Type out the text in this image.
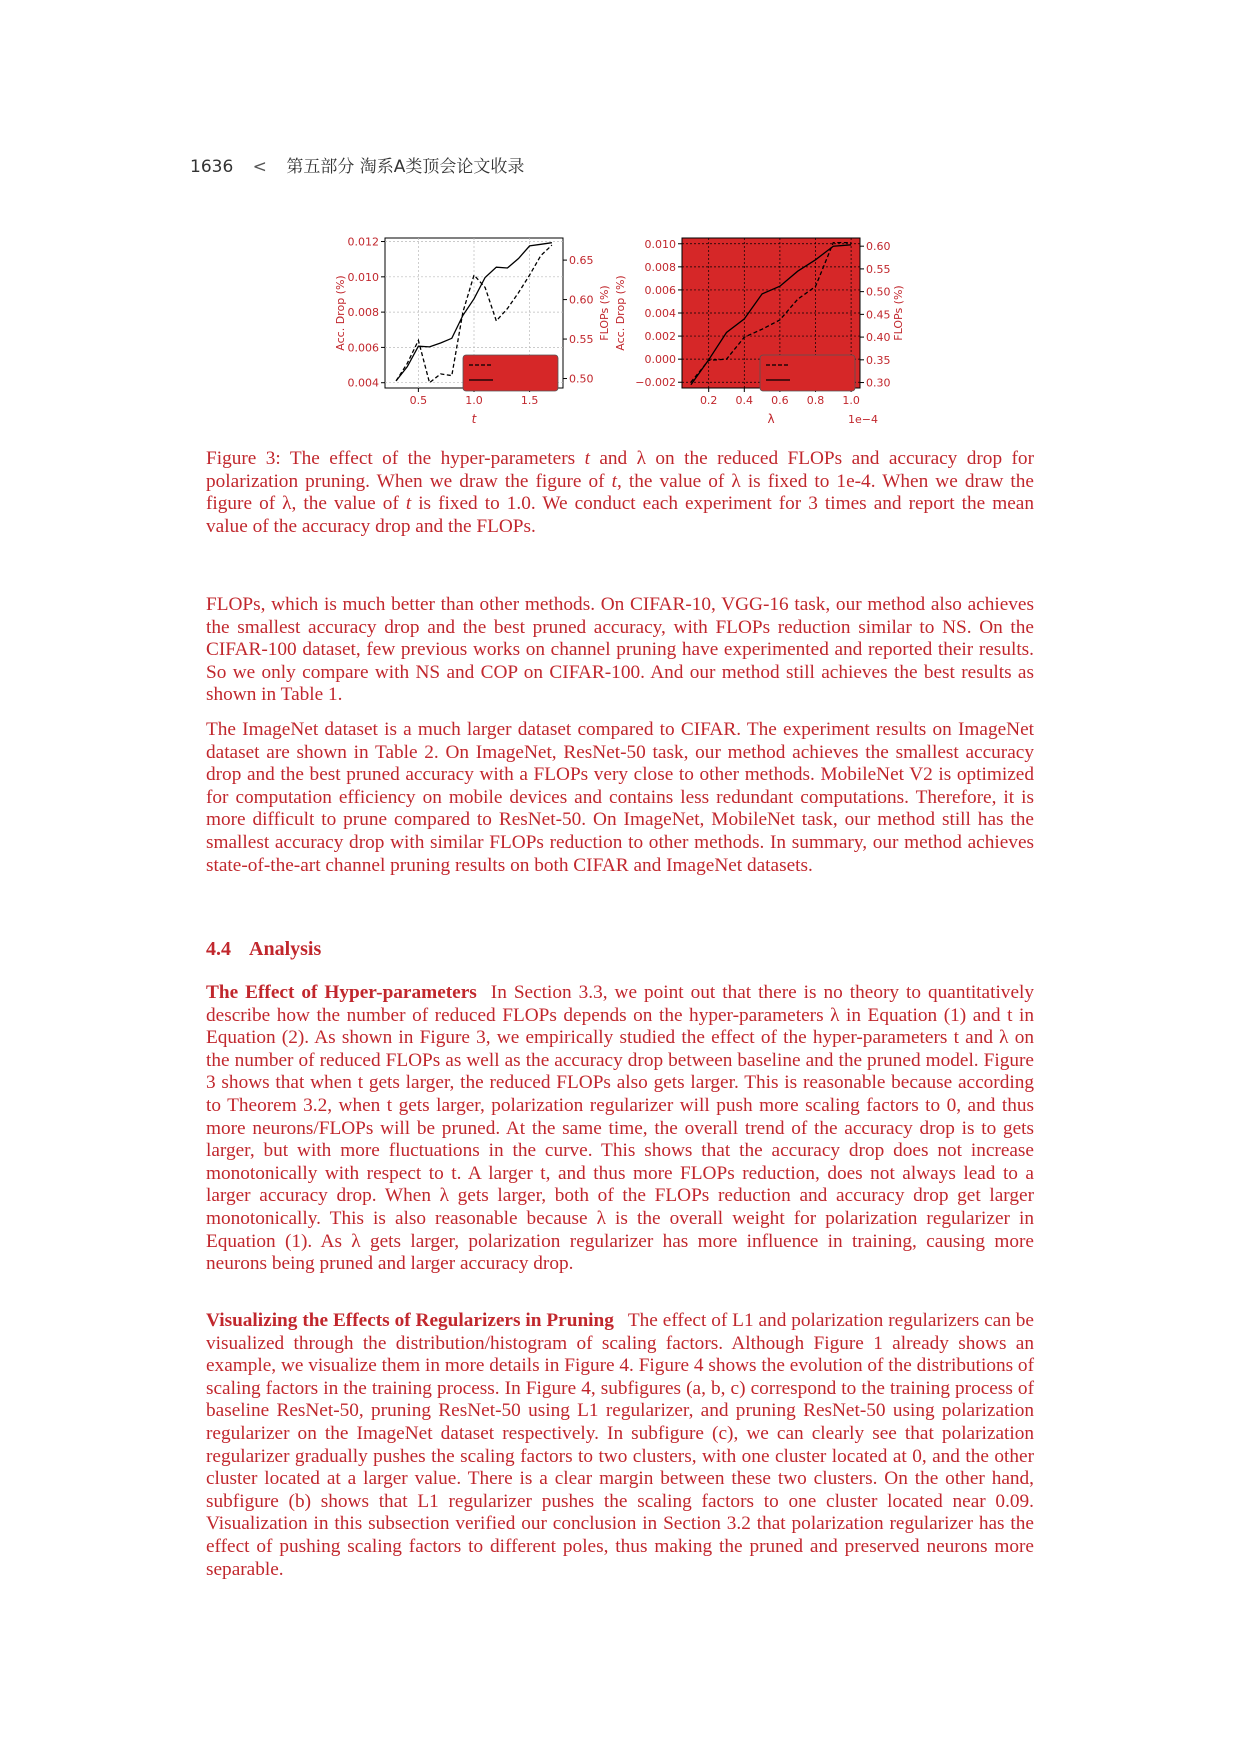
1636 < 第五部分 淘系A类顶会论文收录
0.5	1.0	1.5
0.004
0.006
0.008
0.010
0.012
0.50
0.55
0.60
0.65
t
Acc. Drop (%)	FLOPs (%)
0.2 0.4 0.6 0.8 1.0
−0.002
0.000
0.002
0.004
0.006
0.008
0.010
0.30
0.35
0.40
0.45
0.50
0.55
0.60
λ	1e−4
Acc. Drop (%)	FLOPs (%)
Figure 3: The effect of the hyper-parameters t and λ on the reduced FLOPs and accuracy drop for polarization pruning. When we draw the figure of t, the value of λ is fixed to 1e-4. When we draw the figure of λ, the value of t is fixed to 1.0. We conduct each experiment for 3 times and report the mean value of the accuracy drop and the FLOPs.

FLOPs, which is much better than other methods. On CIFAR-10, VGG-16 task, our method also achieves the smallest accuracy drop and the best pruned accuracy, with FLOPs reduction similar to NS. On the CIFAR-100 dataset, few previous works on channel pruning have experimented and reported their results. So we only compare with NS and COP on CIFAR-100. And our method still achieves the best results as shown in Table 1.

The ImageNet dataset is a much larger dataset compared to CIFAR. The experiment results on ImageNet dataset are shown in Table 2. On ImageNet, ResNet-50 task, our method achieves the smallest accuracy drop and the best pruned accuracy with a FLOPs very close to other methods. MobileNet V2 is optimized for computation efficiency on mobile devices and contains less redundant computations. Therefore, it is more difficult to prune compared to ResNet-50. On ImageNet, MobileNet task, our method still has the smallest accuracy drop with similar FLOPs reduction to other methods. In summary, our method achieves state-of-the-art channel pruning results on both CIFAR and ImageNet datasets.

4.4 Analysis

The Effect of Hyper-parameters In Section 3.3, we point out that there is no theory to quantitatively describe how the number of reduced FLOPs depends on the hyper-parameters λ in Equation (1) and t in Equation (2). As shown in Figure 3, we empirically studied the effect of the hyper-parameters t and λ on the number of reduced FLOPs as well as the accuracy drop between baseline and the pruned model. Figure 3 shows that when t gets larger, the reduced FLOPs also gets larger. This is reasonable because according to Theorem 3.2, when t gets larger, polarization regularizer will push more scaling factors to 0, and thus more neurons/FLOPs will be pruned. At the same time, the overall trend of the accuracy drop is to gets larger, but with more fluctuations in the curve. This shows that the accuracy drop does not increase monotonically with respect to t. A larger t, and thus more FLOPs reduction, does not always lead to a larger accuracy drop. When λ gets larger, both of the FLOPs reduction and accuracy drop get larger monotonically. This is also reasonable because λ is the overall weight for polarization regularizer in Equation (1). As λ gets larger, polarization regularizer has more influence in training, causing more neurons being pruned and larger accuracy drop.

Visualizing the Effects of Regularizers in Pruning The effect of L1 and polarization regularizers can be visualized through the distribution/histogram of scaling factors. Although Figure 1 already shows an example, we visualize them in more details in Figure 4. Figure 4 shows the evolution of the distributions of scaling factors in the training process. In Figure 4, subfigures (a, b, c) correspond to the training process of baseline ResNet-50, pruning ResNet-50 using L1 regularizer, and pruning ResNet-50 using polarization regularizer on the ImageNet dataset respectively. In subfigure (c), we can clearly see that polarization regularizer gradually pushes the scaling factors to two clusters, with one cluster located at 0, and the other cluster located at a larger value. There is a clear margin between these two clusters. On the other hand, subfigure (b) shows that L1 regularizer pushes the scaling factors to one cluster located near 0.09. Visualization in this subsection verified our conclusion in Section 3.2 that polarization regularizer has the effect of pushing scaling factors to different poles, thus making the pruned and preserved neurons more separable.
